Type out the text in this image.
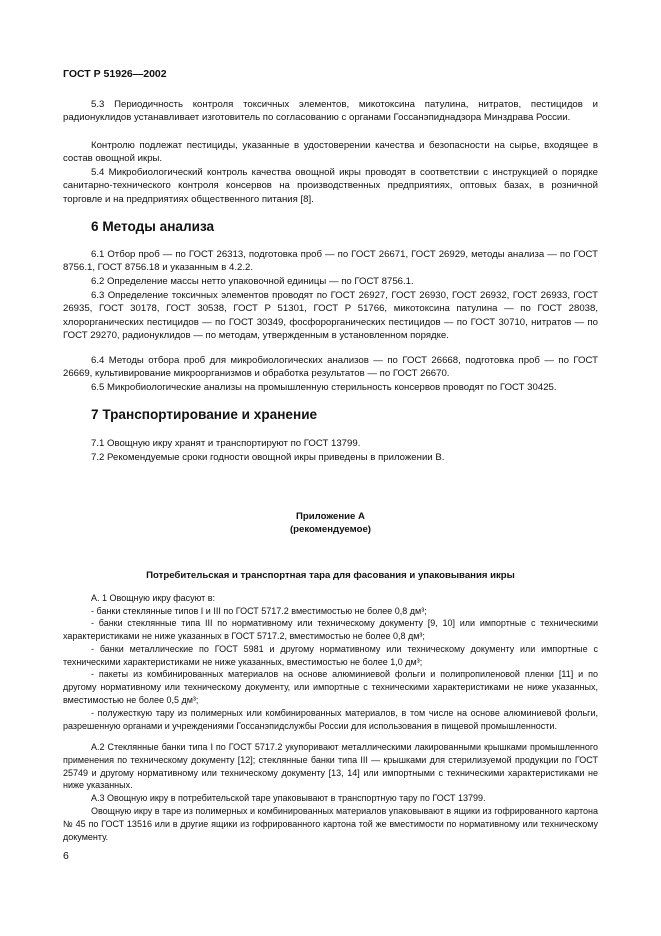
ГОСТ Р 51926—2002

5.3 Периодичность контроля токсичных элементов, микотоксина патулина, нитратов, пестицидов и радионуклидов устанавливает изготовитель по согласованию с органами Госсанэпиднадзора Минздрава России.

Контролю подлежат пестициды, указанные в удостоверении качества и безопасности на сырье, входящее в состав овощной икры.

5.4 Микробиологический контроль качества овощной икры проводят в соответствии с инструкцией о порядке санитарно-технического контроля консервов на производственных предприятиях, оптовых базах, в розничной торговле и на предприятиях общественного питания [8].

6 Методы анализа

6.1 Отбор проб — по ГОСТ 26313, подготовка проб — по ГОСТ 26671, ГОСТ 26929, методы анализа — по ГОСТ 8756.1, ГОСТ 8756.18 и указанным в 4.2.2.

6.2 Определение массы нетто упаковочной единицы — по ГОСТ 8756.1.

6.3 Определение токсичных элементов проводят по ГОСТ 26927, ГОСТ 26930, ГОСТ 26932, ГОСТ 26933, ГОСТ 26935, ГОСТ 30178, ГОСТ 30538, ГОСТ Р 51301, ГОСТ Р 51766, микотоксина патулина — по ГОСТ 28038, хлорорганических пестицидов — по ГОСТ 30349, фосфорорганических пестицидов — по ГОСТ 30710, нитратов — по ГОСТ 29270, радионуклидов — по методам, утвержденным в установленном порядке.

6.4 Методы отбора проб для микробиологических анализов — по ГОСТ 26668, подготовка проб — по ГОСТ 26669, культивирование микроорганизмов и обработка результатов — по ГОСТ 26670.

6.5 Микробиологические анализы на промышленную стерильность консервов проводят по ГОСТ 30425.

7 Транспортирование и хранение

7.1 Овощную икру хранят и транспортируют по ГОСТ 13799.

7.2 Рекомендуемые сроки годности овощной икры приведены в приложении В.

Приложение А
(рекомендуемое)
Потребительская и транспортная тара для фасования и упаковывания икры

А. 1 Овощную икру фасуют в:

- банки стеклянные типов I и III по ГОСТ 5717.2 вместимостью не более 0,8 дм³;

- банки стеклянные типа III по нормативному или техническому документу [9, 10] или импортные с техническими характеристиками не ниже указанных в ГОСТ 5717.2, вместимостью не более 0,8 дм³;

- банки металлические по ГОСТ 5981 и другому нормативному или техническому документу или импортные с техническими характеристиками не ниже указанных, вместимостью не более 1,0 дм³;

- пакеты из комбинированных материалов на основе алюминиевой фольги и полипропиленовой пленки [11] и по другому нормативному или техническому документу, или импортные с техническими характеристиками не ниже указанных, вместимостью не более 0,5 дм³;

- полужесткую тару из полимерных или комбинированных материалов, в том числе на основе алюминиевой фольги, разрешенную органами и учреждениями Госсанэпидслужбы России для использования в пищевой промышленности.

А.2 Стеклянные банки типа I по ГОСТ 5717.2 укупоривают металлическими лакированными крышками промышленного применения по техническому документу [12]; стеклянные банки типа III — крышками для стерилизуемой продукции по ГОСТ 25749 и другому нормативному или техническому документу [13, 14] или импортными с техническими характеристиками не ниже указанных.

А.3 Овощную икру в потребительской таре упаковывают в транспортную тару по ГОСТ 13799.

Овощную икру в таре из полимерных и комбинированных материалов упаковывают в ящики из гофрированного картона № 45 по ГОСТ 13516 или в другие ящики из гофрированного картона той же вместимости по нормативному или техническому документу.

6
